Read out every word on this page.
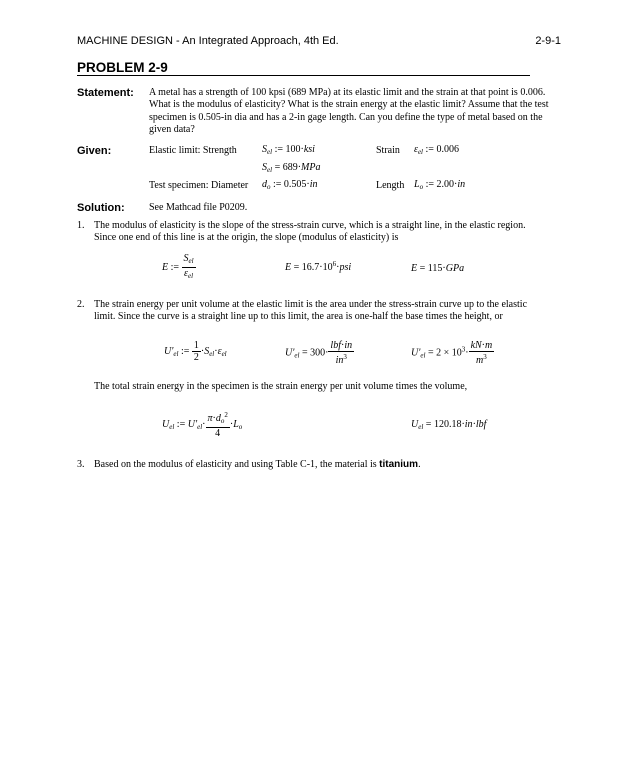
MACHINE DESIGN - An Integrated Approach, 4th Ed.	2-9-1
PROBLEM 2-9
Statement: A metal has a strength of 100 kpsi (689 MPa) at its elastic limit and the strain at that point is 0.006. What is the modulus of elasticity? What is the strain energy at the elastic limit? Assume that the test specimen is 0.505-in dia and has a 2-in gage length. Can you define the type of metal based on the given data?
Given:	Elastic limit: Strength	$S_{el}$ := 100·ksi	Strain $\varepsilon_{el}$ := 0.006
$S_{el} = 689\cdot MPa$
Test specimen: Diameter $d_o$ := 0.505·in	Length $L_o$ := 2.00·in
Solution: See Mathcad file P0209.
1. The modulus of elasticity is the slope of the stress-strain curve, which is a straight line, in the elastic region. Since one end of this line is at the origin, the slope (modulus of elasticity) is
E := $\frac{S_{el}}{\varepsilon_{el}}$	$E = 16.7\cdot 10^6\cdot psi$	E = 115·GPa
2. The strain energy per unit volume at the elastic limit is the area under the stress-strain curve up to the elastic limit. Since the curve is a straight line up to this limit, the area is one-half the base times the height, or
$U'_{el}$ := $\frac{1}{2} \cdot S_{el}\cdot\varepsilon_{el}$	$U'_{el} = 300\cdot \frac{\text{lbf·in}}{in^3}$	$U'_{el} = 2 \times 10^3\cdot \frac{kN\cdot m}{m^3}$
The total strain energy in the specimen is the strain energy per unit volume times the volume,
$U_{el}$ := $U'_{el}\cdot \frac{\pi\cdot d_o^2}{4} \cdot L_o$	$U_{el} = 120.18\cdot in\cdot lbf$
3. Based on the modulus of elasticity and using Table C-1, the material is titanium.
